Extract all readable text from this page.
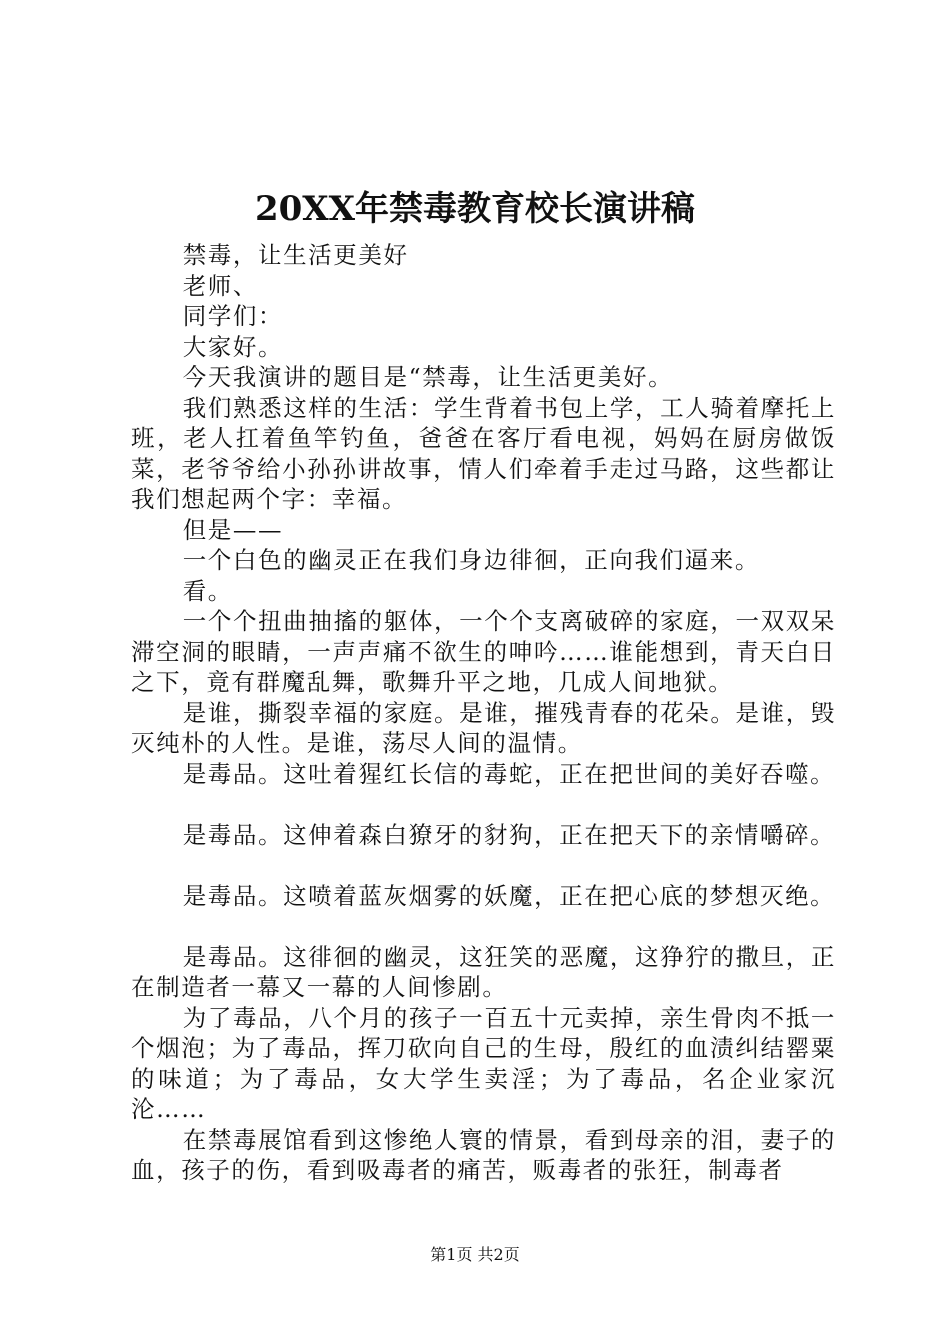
20XX年禁毒教育校长演讲稿

禁毒，让生活更美好

老师、

同学们：

大家好。

今天我演讲的题目是“禁毒，让生活更美好。

我们熟悉这样的生活：学生背着书包上学，工人骑着摩托上班，老人扛着鱼竿钓鱼，爸爸在客厅看电视，妈妈在厨房做饭菜，老爷爷给小孙孙讲故事，情人们牵着手走过马路，这些都让我们想起两个字：幸福。

但是——

一个白色的幽灵正在我们身边徘徊，正向我们逼来。

看。

一个个扭曲抽搐的躯体，一个个支离破碎的家庭，一双双呆滞空洞的眼睛，一声声痛不欲生的呻吟……谁能想到，青天白日之下，竟有群魔乱舞，歌舞升平之地，几成人间地狱。

是谁，撕裂幸福的家庭。是谁，摧残青春的花朵。是谁，毁灭纯朴的人性。是谁，荡尽人间的温情。

是毒品。这吐着猩红长信的毒蛇，正在把世间的美好吞噬。

是毒品。这伸着森白獠牙的豺狗，正在把天下的亲情嚼碎。

是毒品。这喷着蓝灰烟雾的妖魔，正在把心底的梦想灭绝。

是毒品。这徘徊的幽灵，这狂笑的恶魔，这狰狞的撒旦，正在制造者一幕又一幕的人间惨剧。

为了毒品，八个月的孩子一百五十元卖掉，亲生骨肉不抵一个烟泡；为了毒品，挥刀砍向自己的生母，殷红的血渍纠结罂粟的味道；为了毒品，女大学生卖淫；为了毒品，名企业家沉沦……

在禁毒展馆看到这惨绝人寰的情景，看到母亲的泪，妻子的血，孩子的伤，看到吸毒者的痛苦，贩毒者的张狂，制毒者

第1页 共2页
